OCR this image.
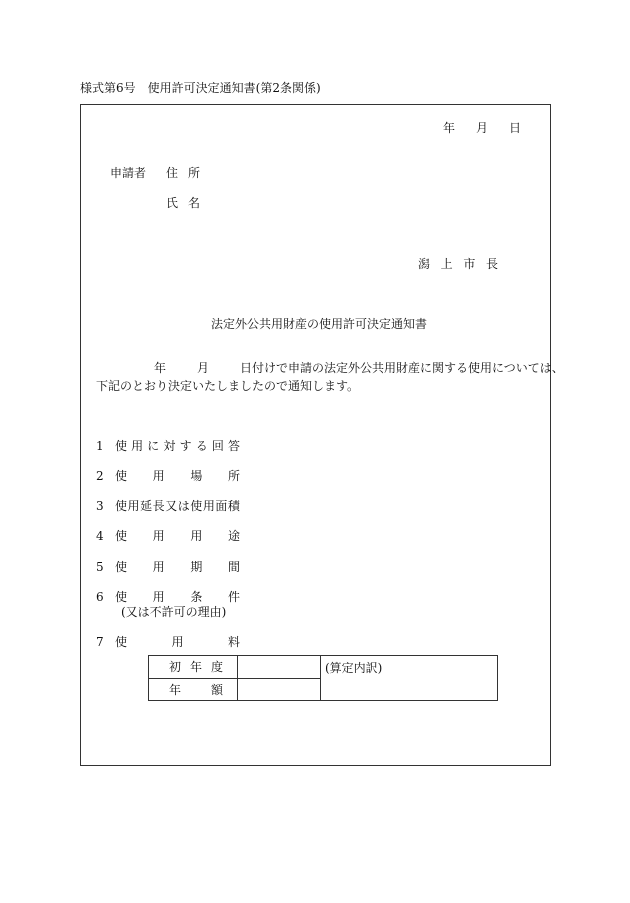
様式第6号　使用許可決定通知書(第2条関係)
年 月 日
申請者 住 所
氏 名
潟 上 市 長
法定外公共用財産の使用許可決定通知書
年	月	日付けで申請の法定外公共用財産に関する使用については、
下記のとおり決定いたしましたので通知します。
1 使 用 に 対 す る 回 答
2 使 用 場 所
3 使 用 延 長 又 は 使 用 面 積
4 使 用 用 途
5 使 用 期 間
6 使 用 条 件
(又は不許可の理由)
7 使	用	料
初 年 度		(算定内訳)

年 額		
